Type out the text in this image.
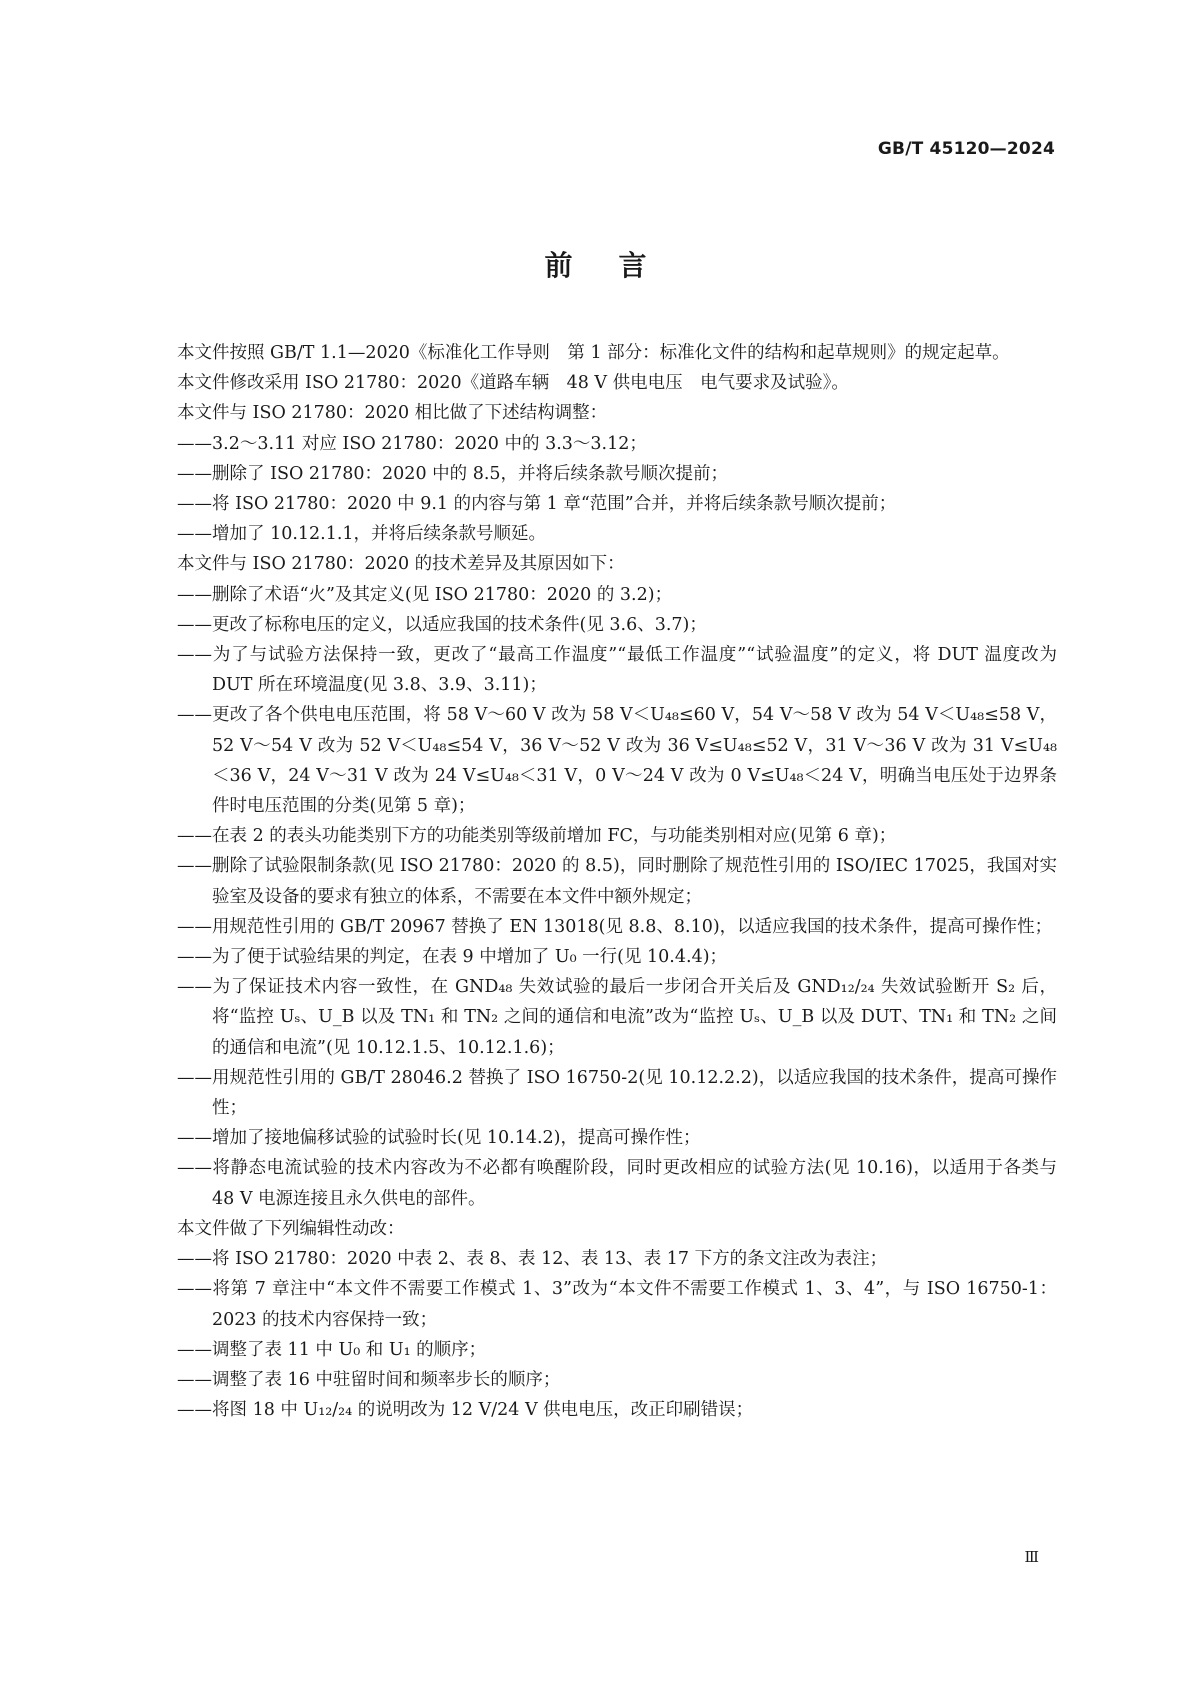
GB/T 45120—2024
前言

本文件按照 GB/T 1.1—2020《标准化工作导则　第 1 部分：标准化文件的结构和起草规则》的规定起草。

本文件修改采用 ISO 21780：2020《道路车辆　48 V 供电电压　电气要求及试验》。

本文件与 ISO 21780：2020 相比做了下述结构调整：

——3.2～3.11 对应 ISO 21780：2020 中的 3.3～3.12；

——删除了 ISO 21780：2020 中的 8.5，并将后续条款号顺次提前；

——将 ISO 21780：2020 中 9.1 的内容与第 1 章“范围”合并，并将后续条款号顺次提前；

——增加了 10.12.1.1，并将后续条款号顺延。

本文件与 ISO 21780：2020 的技术差异及其原因如下：

——删除了术语“火”及其定义(见 ISO 21780：2020 的 3.2)；

——更改了标称电压的定义，以适应我国的技术条件(见 3.6、3.7)；

——为了与试验方法保持一致，更改了“最高工作温度”“最低工作温度”“试验温度”的定义，将 DUT 温度改为 DUT 所在环境温度(见 3.8、3.9、3.11)；

——更改了各个供电电压范围，将 58 V～60 V 改为 58 V＜U₄₈≤60 V，54 V～58 V 改为 54 V＜U₄₈≤58 V，52 V～54 V 改为 52 V＜U₄₈≤54 V，36 V～52 V 改为 36 V≤U₄₈≤52 V，31 V～36 V 改为 31 V≤U₄₈＜36 V，24 V～31 V 改为 24 V≤U₄₈＜31 V，0 V～24 V 改为 0 V≤U₄₈＜24 V，明确当电压处于边界条件时电压范围的分类(见第 5 章)；

——在表 2 的表头功能类别下方的功能类别等级前增加 FC，与功能类别相对应(见第 6 章)；

——删除了试验限制条款(见 ISO 21780：2020 的 8.5)，同时删除了规范性引用的 ISO/IEC 17025，我国对实验室及设备的要求有独立的体系，不需要在本文件中额外规定；

——用规范性引用的 GB/T 20967 替换了 EN 13018(见 8.8、8.10)，以适应我国的技术条件，提高可操作性；

——为了便于试验结果的判定，在表 9 中增加了 U₀ 一行(见 10.4.4)；

——为了保证技术内容一致性，在 GND₄₈ 失效试验的最后一步闭合开关后及 GND₁₂/₂₄ 失效试验断开 S₂ 后，将“监控 Uₛ、U_B 以及 TN₁ 和 TN₂ 之间的通信和电流”改为“监控 Uₛ、U_B 以及 DUT、TN₁ 和 TN₂ 之间的通信和电流”(见 10.12.1.5、10.12.1.6)；

——用规范性引用的 GB/T 28046.2 替换了 ISO 16750-2(见 10.12.2.2)，以适应我国的技术条件，提高可操作性；

——增加了接地偏移试验的试验时长(见 10.14.2)，提高可操作性；

——将静态电流试验的技术内容改为不必都有唤醒阶段，同时更改相应的试验方法(见 10.16)，以适用于各类与 48 V 电源连接且永久供电的部件。

本文件做了下列编辑性动改：

——将 ISO 21780：2020 中表 2、表 8、表 12、表 13、表 17 下方的条文注改为表注；

——将第 7 章注中“本文件不需要工作模式 1、3”改为“本文件不需要工作模式 1、3、4”，与 ISO 16750-1：2023 的技术内容保持一致；

——调整了表 11 中 U₀ 和 U₁ 的顺序；

——调整了表 16 中驻留时间和频率步长的顺序；

——将图 18 中 U₁₂/₂₄ 的说明改为 12 V/24 V 供电电压，改正印刷错误；

Ⅲ
